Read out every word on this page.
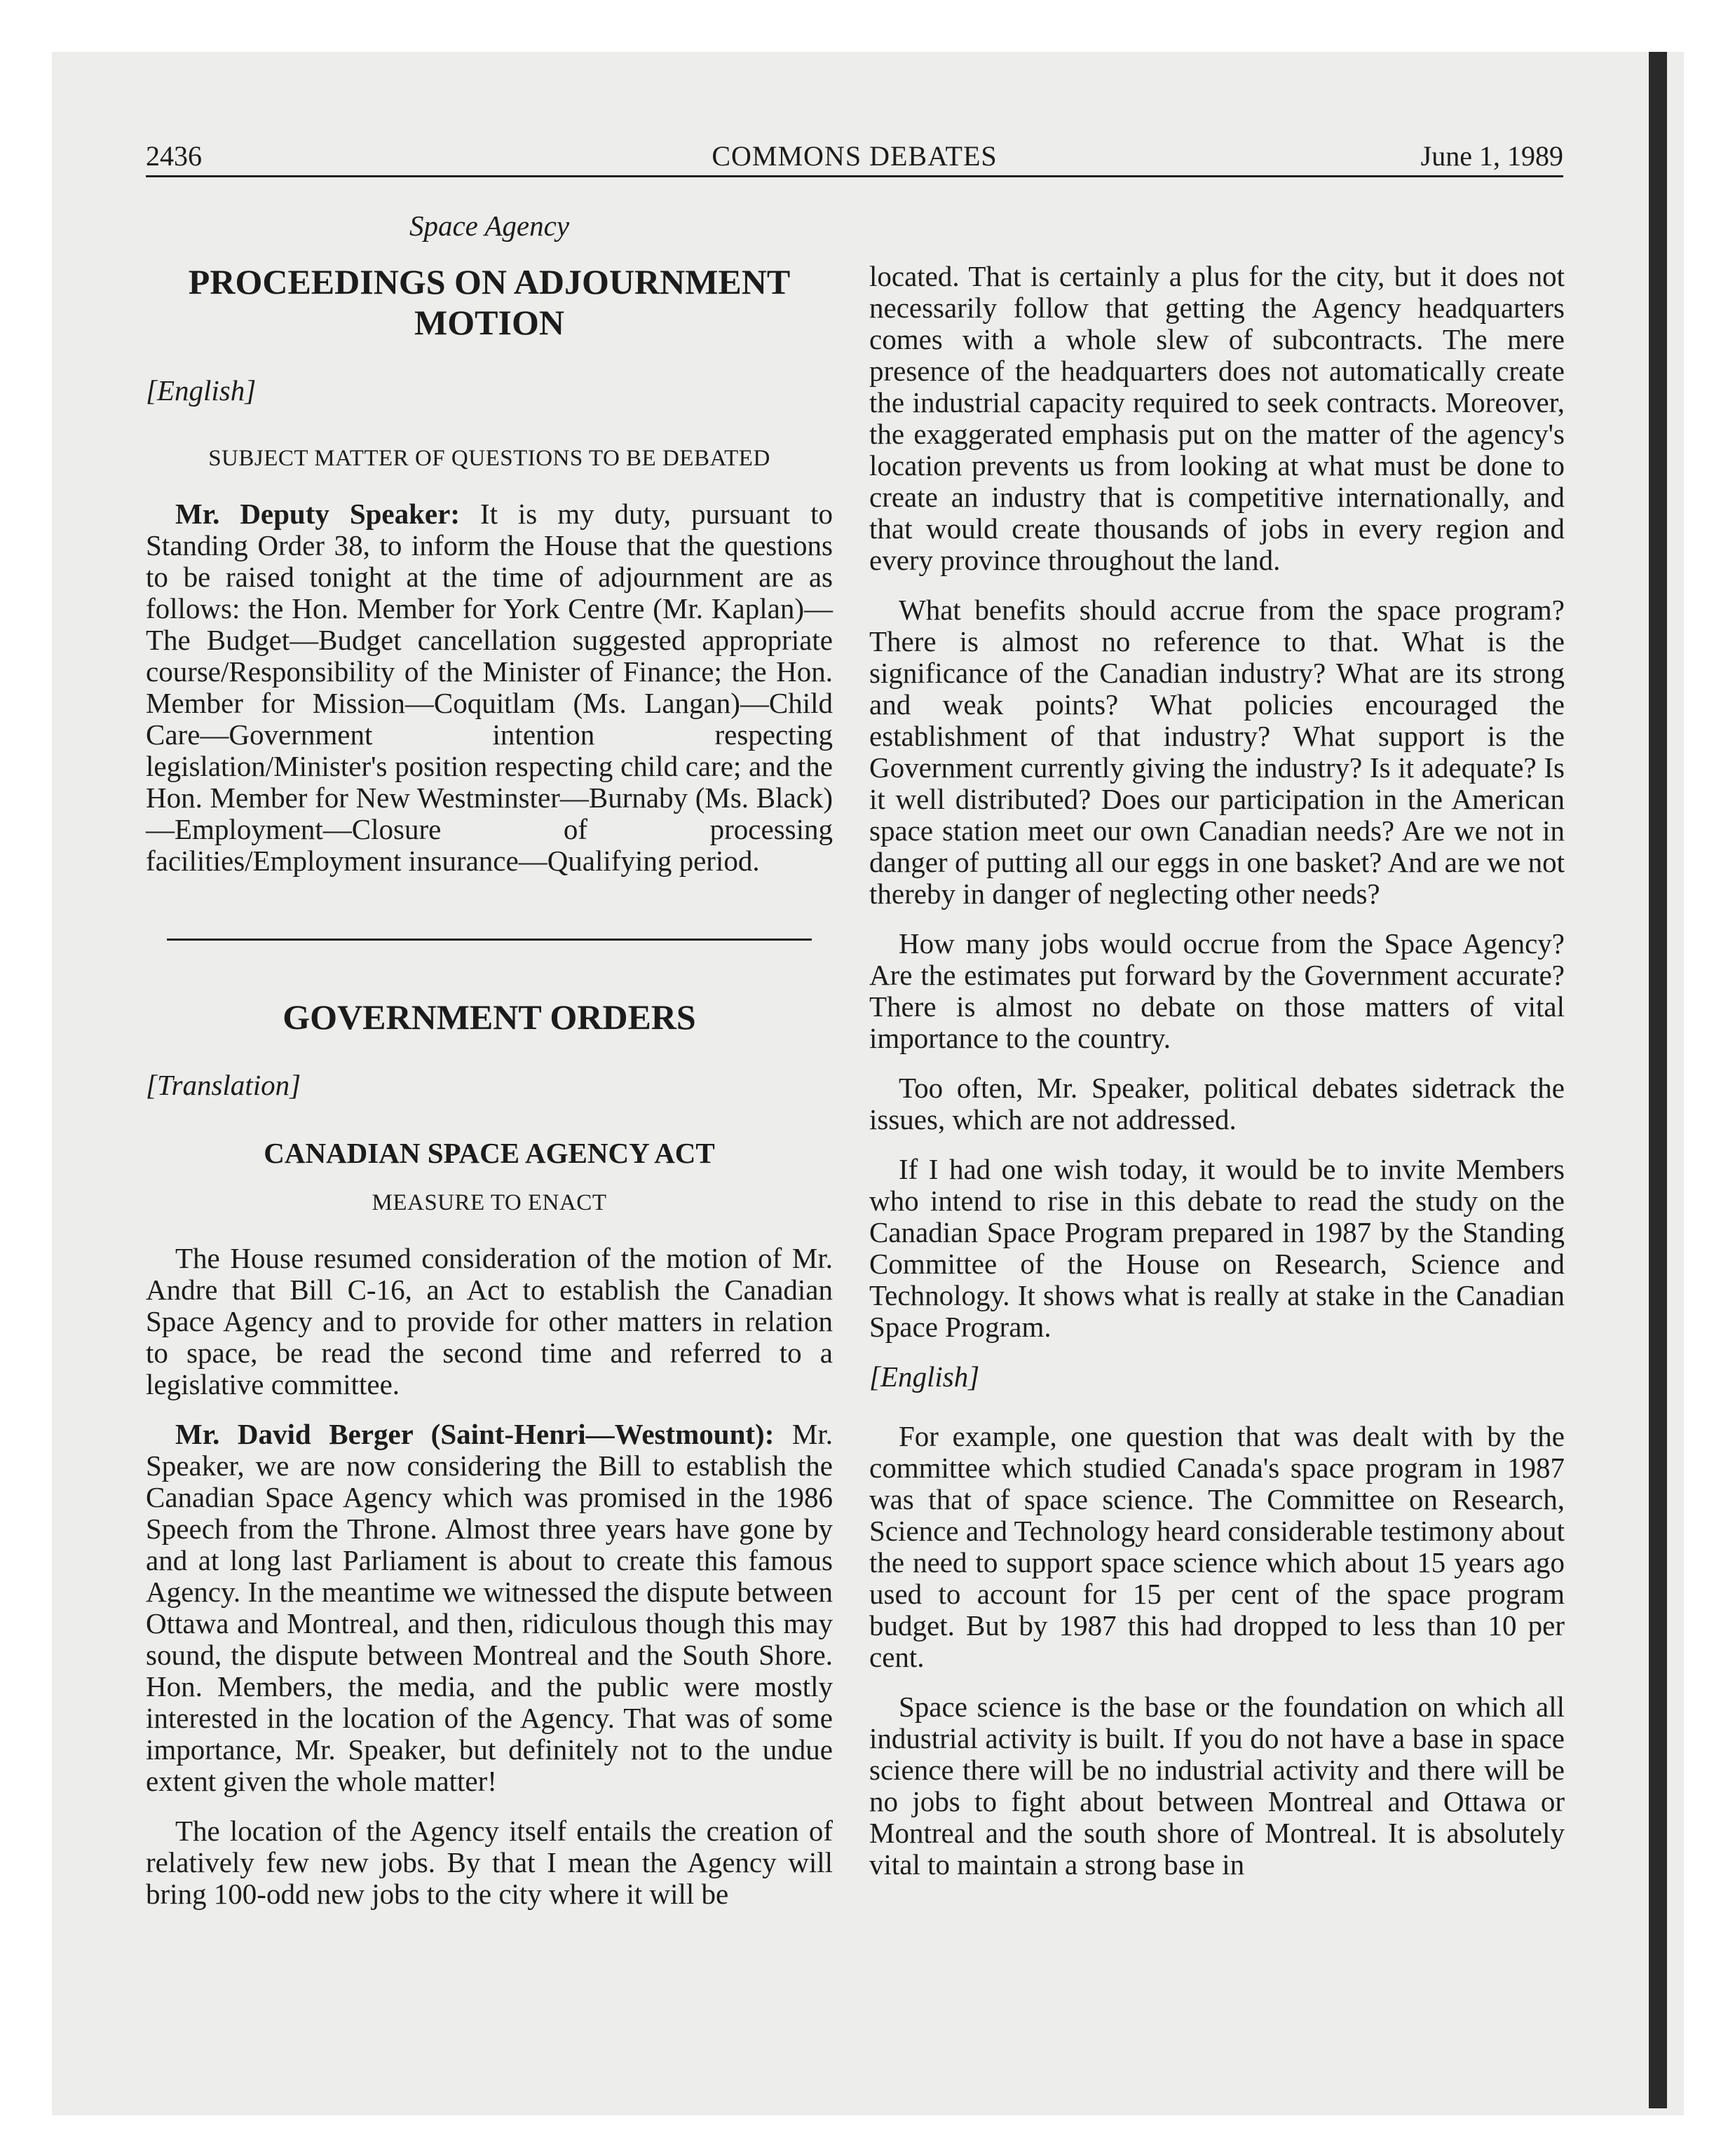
2436	COMMONS DEBATES	June 1, 1989
Space Agency
PROCEEDINGS ON ADJOURNMENT MOTION
[English]
SUBJECT MATTER OF QUESTIONS TO BE DEBATED

Mr. Deputy Speaker: It is my duty, pursuant to Standing Order 38, to inform the House that the questions to be raised tonight at the time of adjournment are as follows: the Hon. Member for York Centre (Mr. Kaplan)—The Budget—Budget cancellation suggested appropriate course/Responsibility of the Minister of Finance; the Hon. Member for Mission—Coquitlam (Ms. Langan)—Child Care—Government intention respecting legislation/Minister's position respecting child care; and the Hon. Member for New Westminster—Burnaby (Ms. Black)—Employment—Closure of processing facilities/Employment insurance—Qualifying period.

GOVERNMENT ORDERS
[Translation]
CANADIAN SPACE AGENCY ACT
MEASURE TO ENACT

The House resumed consideration of the motion of Mr. Andre that Bill C-16, an Act to establish the Canadian Space Agency and to provide for other matters in relation to space, be read the second time and referred to a legislative committee.

Mr. David Berger (Saint-Henri—Westmount): Mr. Speaker, we are now considering the Bill to establish the Canadian Space Agency which was promised in the 1986 Speech from the Throne. Almost three years have gone by and at long last Parliament is about to create this famous Agency. In the meantime we witnessed the dispute between Ottawa and Montreal, and then, ridiculous though this may sound, the dispute between Montreal and the South Shore. Hon. Members, the media, and the public were mostly interested in the location of the Agency. That was of some importance, Mr. Speaker, but definitely not to the undue extent given the whole matter!

The location of the Agency itself entails the creation of relatively few new jobs. By that I mean the Agency will bring 100-odd new jobs to the city where it will be

located. That is certainly a plus for the city, but it does not necessarily follow that getting the Agency headquarters comes with a whole slew of subcontracts. The mere presence of the headquarters does not automatically create the industrial capacity required to seek contracts. Moreover, the exaggerated emphasis put on the matter of the agency's location prevents us from looking at what must be done to create an industry that is competitive internationally, and that would create thousands of jobs in every region and every province throughout the land.

What benefits should accrue from the space program? There is almost no reference to that. What is the significance of the Canadian industry? What are its strong and weak points? What policies encouraged the establishment of that industry? What support is the Government currently giving the industry? Is it adequate? Is it well distributed? Does our participation in the American space station meet our own Canadian needs? Are we not in danger of putting all our eggs in one basket? And are we not thereby in danger of neglecting other needs?

How many jobs would occrue from the Space Agency? Are the estimates put forward by the Government accurate? There is almost no debate on those matters of vital importance to the country.

Too often, Mr. Speaker, political debates sidetrack the issues, which are not addressed.

If I had one wish today, it would be to invite Members who intend to rise in this debate to read the study on the Canadian Space Program prepared in 1987 by the Standing Committee of the House on Research, Science and Technology. It shows what is really at stake in the Canadian Space Program.

[English]

For example, one question that was dealt with by the committee which studied Canada's space program in 1987 was that of space science. The Committee on Research, Science and Technology heard considerable testimony about the need to support space science which about 15 years ago used to account for 15 per cent of the space program budget. But by 1987 this had dropped to less than 10 per cent.

Space science is the base or the foundation on which all industrial activity is built. If you do not have a base in space science there will be no industrial activity and there will be no jobs to fight about between Montreal and Ottawa or Montreal and the south shore of Montreal. It is absolutely vital to maintain a strong base in
